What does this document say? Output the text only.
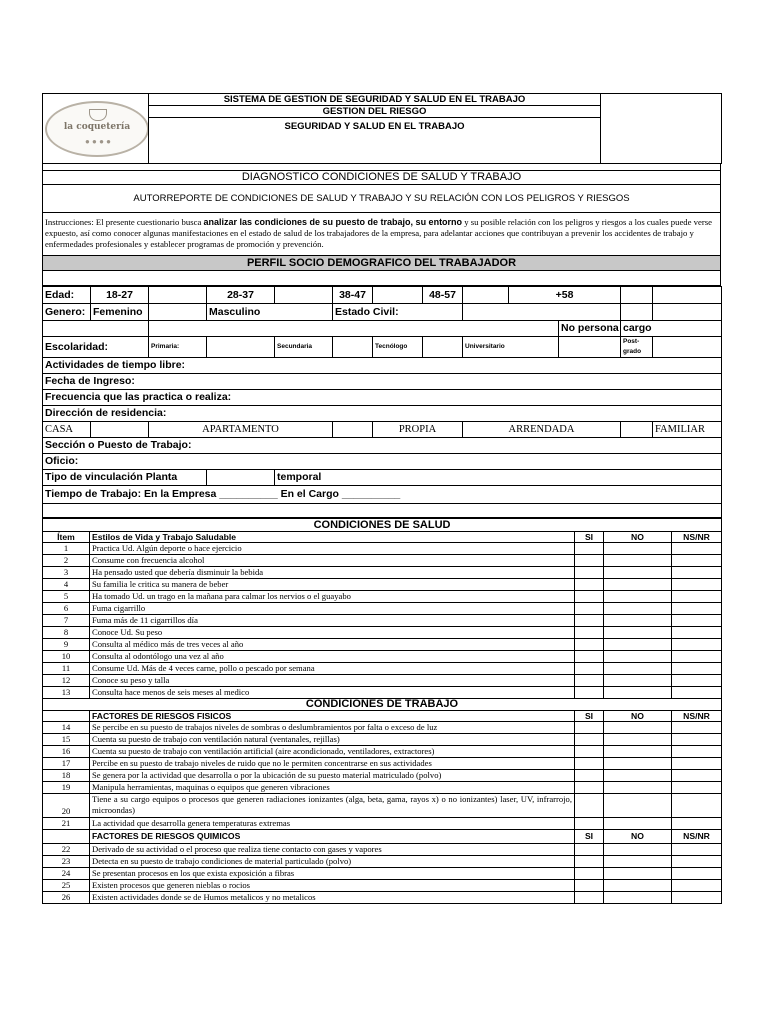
la coquetería
● ● ● ●
	SISTEMA DE GESTION DE SEGURIDAD Y SALUD EN EL TRABAJO	
GESTION DEL RIESGO
SEGURIDAD Y SALUD EN EL TRABAJO

DIAGNOSTICO CONDICIONES DE SALUD Y TRABAJO
AUTORREPORTE DE CONDICIONES DE SALUD Y TRABAJO Y SU RELACIÓN CON LOS PELIGROS Y RIESGOS
Instrucciones: El presente cuestionario busca analizar las condiciones de su puesto de trabajo, su entorno y su posible relación con los peligros y riesgos a los cuales puede verse expuesto, así como conocer algunas manifestaciones en el estado de salud de los trabajadores de la empresa, para adelantar acciones que contribuyan a prevenir los accidentes de trabajo y enfermedades profesionales y establecer programas de promoción y prevención.
PERFIL SOCIO DEMOGRAFICO DEL TRABAJADOR

Edad:	18-27		28-37		38-47		48-57		+58			
Genero:	Femenino		Masculino		Estado Civil:							
										No persona	cargo	
Escolaridad:		Primaria:		Secundaria		Tecnólogo		Universitario			Post-grado	
Actividades de tiempo libre:												
Fecha de Ingreso:												
Frecuencia que las practica o realiza:												
Dirección de residencia:												
CASA		APARTAMENTO				PROPIA		ARRENDADA				FAMILIAR
Sección o Puesto de Trabajo:												
Oficio:												
Tipo de vinculación Planta				temporal								
Tiempo de Trabajo: En la Empresa __________ En el Cargo __________												

CONDICIONES DE SALUD				
Ítem	Estilos de Vida y Trabajo Saludable	SI	NO	NS/NR
1	Practica Ud. Algún deporte o hace ejercicio			
2	Consume con frecuencia alcohol			
3	Ha pensado usted que debería disminuir la bebida			
4	Su familia le critica su manera de beber			
5	Ha tomado Ud. un trago en la mañana para calmar los nervios o el guayabo			
6	Fuma cigarrillo			
7	Fuma más de 11 cigarrillos día			
8	Conoce Ud. Su peso			
9	Consulta al médico más de tres veces al año			
10	Consulta al odontólogo una vez al año			
11	Consume Ud. Más de 4 veces carne, pollo o pescado por semana			
12	Conoce su peso y talla			
13	Consulta hace menos de seis meses al medico			
CONDICIONES DE TRABAJO				
	FACTORES DE RIESGOS FISICOS	SI	NO	NS/NR
14	Se percibe en su puesto de trabajos niveles de sombras o deslumbramientos por falta o exceso de luz			
15	Cuenta su puesto de trabajo con ventilación natural (ventanales, rejillas)			
16	Cuenta su puesto de trabajo con ventilación artificial (aire acondicionado, ventiladores, extractores)			
17	Percibe en su puesto de trabajo niveles de ruido que no le permiten concentrarse en sus actividades			
18	Se genera por la actividad que desarrolla o por la ubicación de su puesto material matriculado (polvo)			
19	Manipula herramientas, maquinas o equipos que generen vibraciones			
20	Tiene a su cargo equipos o procesos que generen radiaciones ionizantes (alga, beta, gama, rayos x) o no ionizantes) laser, UV, infrarrojo, microondas)			
21	La actividad que desarrolla genera temperaturas extremas			
	FACTORES DE RIESGOS QUIMICOS	SI	NO	NS/NR
22	Derivado de su actividad o el proceso que realiza tiene contacto con gases y vapores			
23	Detecta en su puesto de trabajo condiciones de material particulado (polvo)			
24	Se presentan procesos en los que exista exposición a fibras			
25	Existen procesos que generen nieblas o rocios			
26	Existen actividades donde se de Humos metalicos y no metalicos			
